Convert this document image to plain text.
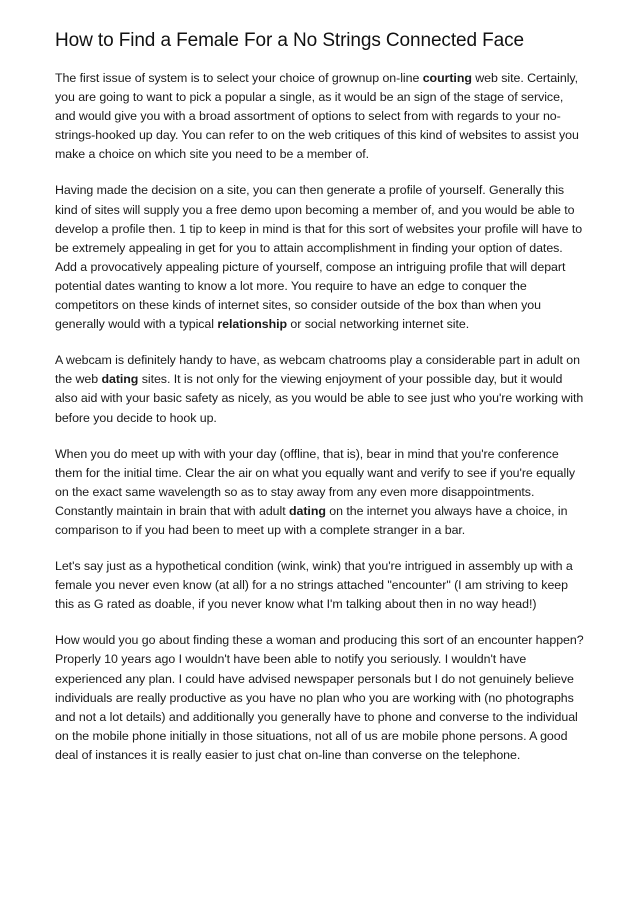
How to Find a Female For a No Strings Connected Face

The first issue of system is to select your choice of grownup on-line courting web site. Certainly, you are going to want to pick a popular a single, as it would be an sign of the stage of service, and would give you with a broad assortment of options to select from with regards to your no-strings-hooked up day. You can refer to on the web critiques of this kind of websites to assist you make a choice on which site you need to be a member of.

Having made the decision on a site, you can then generate a profile of yourself. Generally this kind of sites will supply you a free demo upon becoming a member of, and you would be able to develop a profile then. 1 tip to keep in mind is that for this sort of websites your profile will have to be extremely appealing in get for you to attain accomplishment in finding your option of dates. Add a provocatively appealing picture of yourself, compose an intriguing profile that will depart potential dates wanting to know a lot more. You require to have an edge to conquer the competitors on these kinds of internet sites, so consider outside of the box than when you generally would with a typical relationship or social networking internet site.

A webcam is definitely handy to have, as webcam chatrooms play a considerable part in adult on the web dating sites. It is not only for the viewing enjoyment of your possible day, but it would also aid with your basic safety as nicely, as you would be able to see just who you're working with before you decide to hook up.

When you do meet up with with your day (offline, that is), bear in mind that you're conference them for the initial time. Clear the air on what you equally want and verify to see if you're equally on the exact same wavelength so as to stay away from any even more disappointments. Constantly maintain in brain that with adult dating on the internet you always have a choice, in comparison to if you had been to meet up with a complete stranger in a bar.

Let's say just as a hypothetical condition (wink, wink) that you're intrigued in assembly up with a female you never even know (at all) for a no strings attached "encounter" (I am striving to keep this as G rated as doable, if you never know what I'm talking about then in no way head!)

How would you go about finding these a woman and producing this sort of an encounter happen? Properly 10 years ago I wouldn't have been able to notify you seriously. I wouldn't have experienced any plan. I could have advised newspaper personals but I do not genuinely believe individuals are really productive as you have no plan who you are working with (no photographs and not a lot details) and additionally you generally have to phone and converse to the individual on the mobile phone initially in those situations, not all of us are mobile phone persons. A good deal of instances it is really easier to just chat on-line than converse on the telephone.
